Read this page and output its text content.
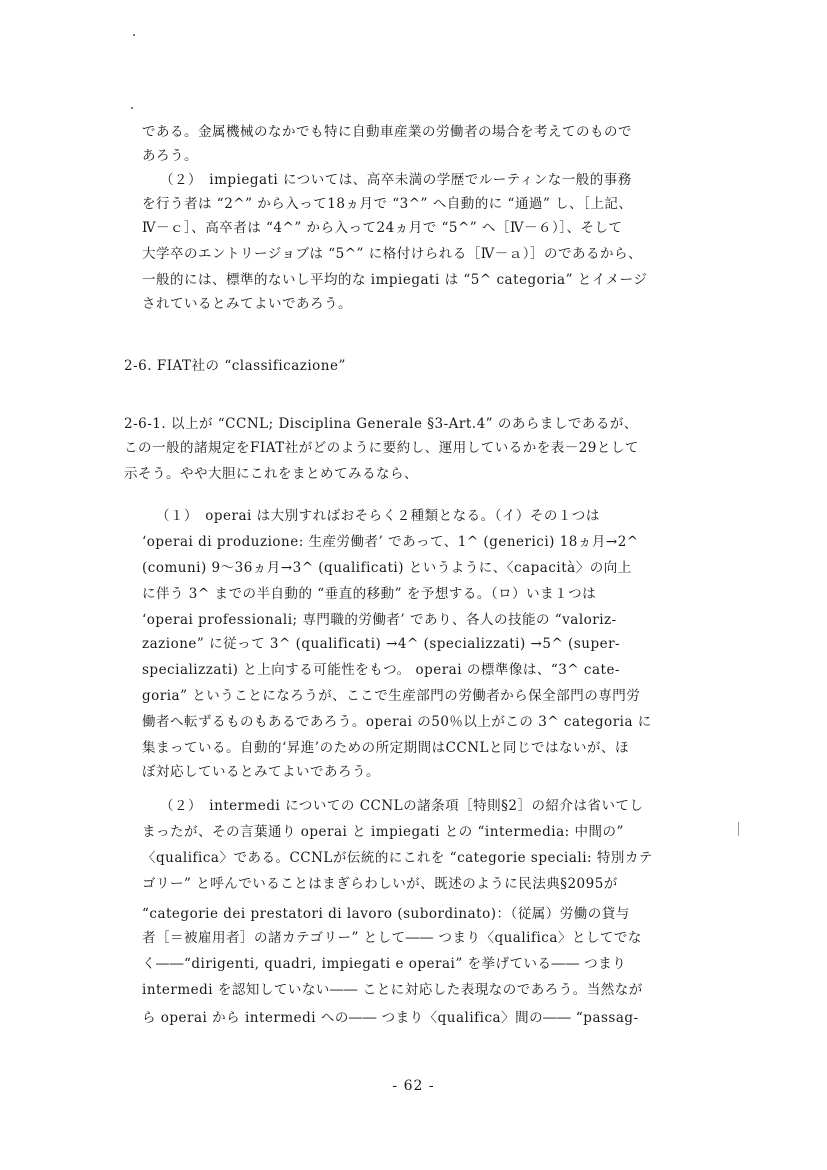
である。金属機械のなかでも特に自動車産業の労働者の場合を考えてのもので
あろう。
（２）　impiegati については、高卒未満の学歴でルーティンな一般的事務
を行う者は “2^” から入って18ヵ月で “3^” へ自動的に “通過” し、［上記、
Ⅳ－ｃ］、高卒者は “4^” から入って24ヵ月で “5^” へ［Ⅳ－６）］、そして
大学卒のエントリージョブは “5^” に格付けられる［Ⅳ－ａ）］のであるから、
一般的には、標準的ないし平均的な impiegati は “5^ categoria” とイメージ
されているとみてよいであろう。
2-6. FIAT社の “classificazione”
2-6-1. 以上が “CCNL; Disciplina Generale §3-Art.4” のあらましであるが、
この一般的諸規定をFIAT社がどのように要約し、運用しているかを表－29として
示そう。やや大胆にこれをまとめてみるなら、
（１）　operai は大別すればおそらく２種類となる。（イ）その１つは
‘operai di produzione: 生産労働者’ であって、1^ (generici) 18ヵ月→2^
(comuni) 9～36ヵ月→3^ (qualificati) というように、〈capacità〉の向上
に伴う 3^ までの半自動的 “垂直的移動” を予想する。（ロ）いま１つは
‘operai professionali; 専門職的労働者’ であり、各人の技能の “valoriz-
zazione” に従って 3^ (qualificati) →4^ (specializzati) →5^ (super-
specializzati) と上向する可能性をもつ。 operai の標準像は、“3^ cate-
goria” ということになろうが、ここで生産部門の労働者から保全部門の専門労
働者へ転ずるものもあるであろう。operai の50％以上がこの 3^ categoria に
集まっている。自動的‘昇進’のための所定期間はCCNLと同じではないが、ほ
ぼ対応しているとみてよいであろう。
（２）　intermedi についての CCNLの諸条項［特則§2］の紹介は省いてし
まったが、その言葉通り operai と impiegati との “intermedia: 中間の”
〈qualifica〉である。CCNLが伝統的にこれを “categorie speciali: 特別カテ
ゴリー” と呼んでいることはまぎらわしいが、既述のように民法典§2095が
“categorie dei prestatori di lavoro (subordinato)：（従属）労働の貸与
者［＝被雇用者］の諸カテゴリー” として―― つまり〈qualifica〉としてでな
く――“dirigenti, quadri, impiegati e operai” を挙げている―― つまり
intermedi を認知していない―― ことに対応した表現なのであろう。当然なが
ら operai から intermedi への―― つまり〈qualifica〉間の―― “passag-
- 62 -
